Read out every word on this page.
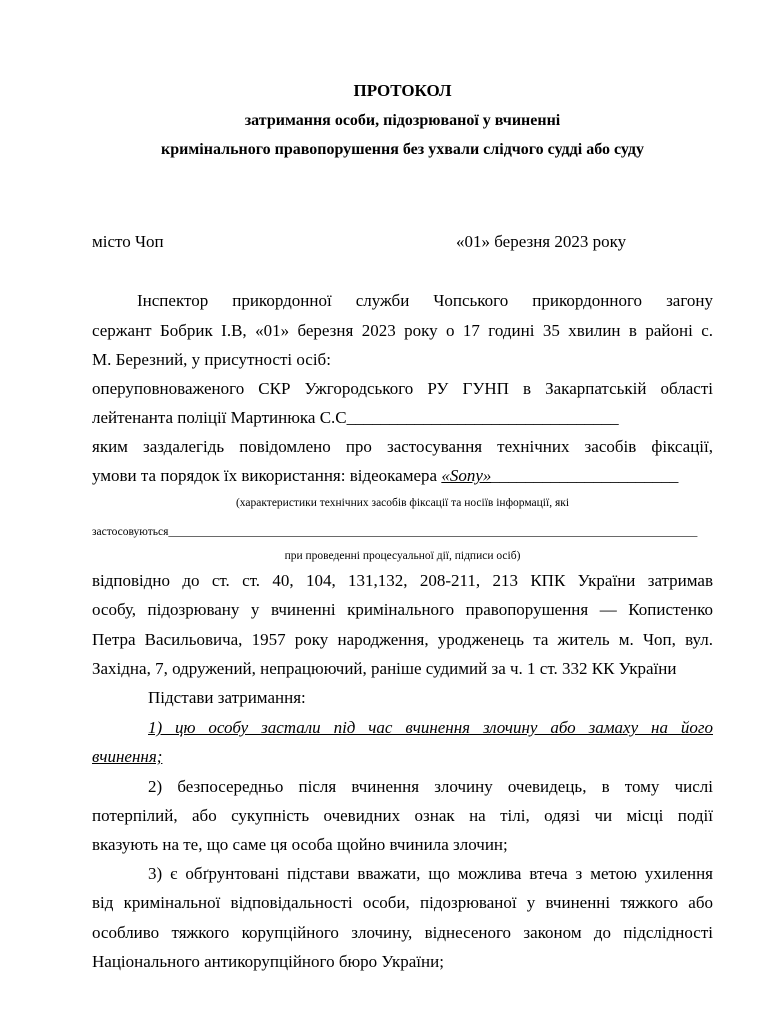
ПРОТОКОЛ
затримання особи, підозрюваної у вчиненні
кримінального правопорушення без ухвали слідчого судді або суду
місто Чоп	«01» березня 2023 року
Інспектор прикордонної служби Чопського прикордонного загону
сержант Бобрик І.В, «01» березня 2023 року о 17 годині 35 хвилин в районі с.
М. Березний, у присутності осіб:
оперуповноваженого СКР Ужгородського РУ ГУНП в Закарпатській області
лейтенанта поліції Мартинюка С.С________________________________
яким заздалегідь повідомлено про застосування технічних засобів фіксації,
умови та порядок їх використання: відеокамера «Sony»______________________
(характеристики технічних засобів фіксації та носіїв інформації, які
застосовуються____________________________________________________________________________________________
при проведенні процесуальної дії, підписи осіб)
відповідно до ст. ст. 40, 104, 131,132, 208-211, 213 КПК України затримав
особу, підозрювану у вчиненні кримінального правопорушення — Копистенко
Петра Васильовича, 1957 року народження, уродженець та житель м. Чоп, вул.
Західна, 7, одружений, непрацюючий, раніше судимий за ч. 1 ст. 332 КК України
Підстави затримання:
1) цю особу застали під час вчинення злочину або замаху на його
вчинення;
2) безпосередньо після вчинення злочину очевидець, в тому числі
потерпілий, або сукупність очевидних ознак на тілі, одязі чи місці події
вказують на те, що саме ця особа щойно вчинила злочин;
3) є обґрунтовані підстави вважати, що можлива втеча з метою ухилення
від кримінальної відповідальності особи, підозрюваної у вчиненні тяжкого або
особливо тяжкого корупційного злочину, віднесеного законом до підслідності
Національного антикорупційного бюро України;
